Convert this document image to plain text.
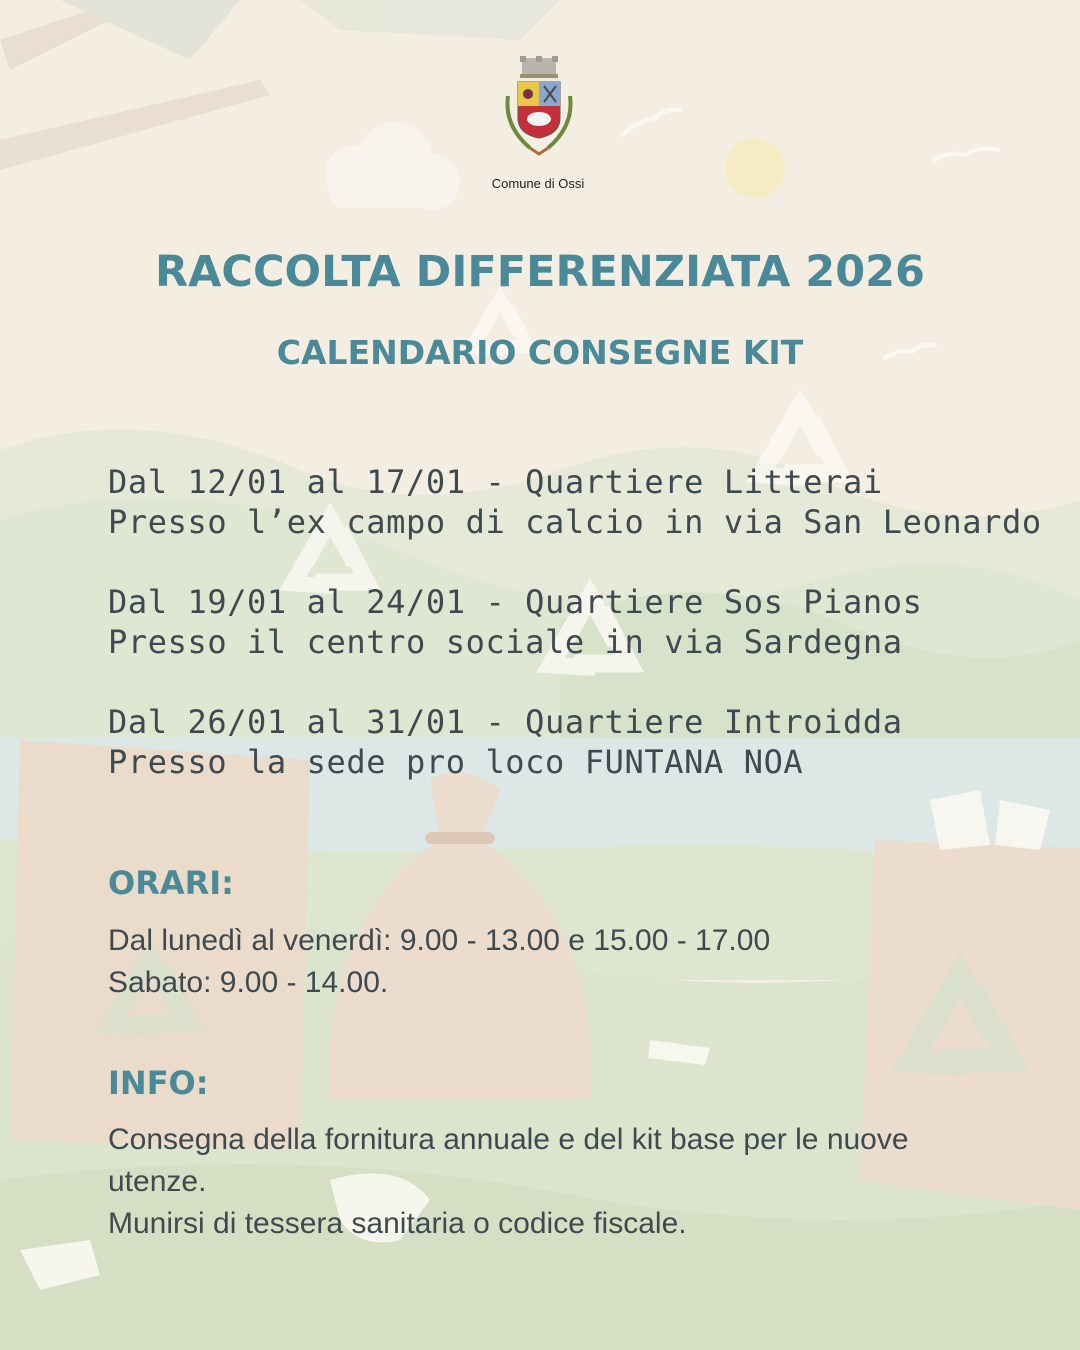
Comune di Ossi
RACCOLTA DIFFERENZIATA 2026
CALENDARIO CONSEGNE KIT
Dal 12/01 al 17/01 - Quartiere Litterai
Presso l’ex campo di calcio in via San Leonardo
Dal 19/01 al 24/01 - Quartiere Sos Pianos
Presso il centro sociale in via Sardegna
Dal 26/01 al 31/01 - Quartiere Introidda
Presso la sede pro loco FUNTANA NOA
ORARI:
Dal lunedì al venerdì: 9.00 - 13.00 e 15.00 - 17.00
Sabato: 9.00 - 14.00.
INFO:
Consegna della fornitura annuale e del kit base per le nuove
utenze.
Munirsi di tessera sanitaria o codice fiscale.
